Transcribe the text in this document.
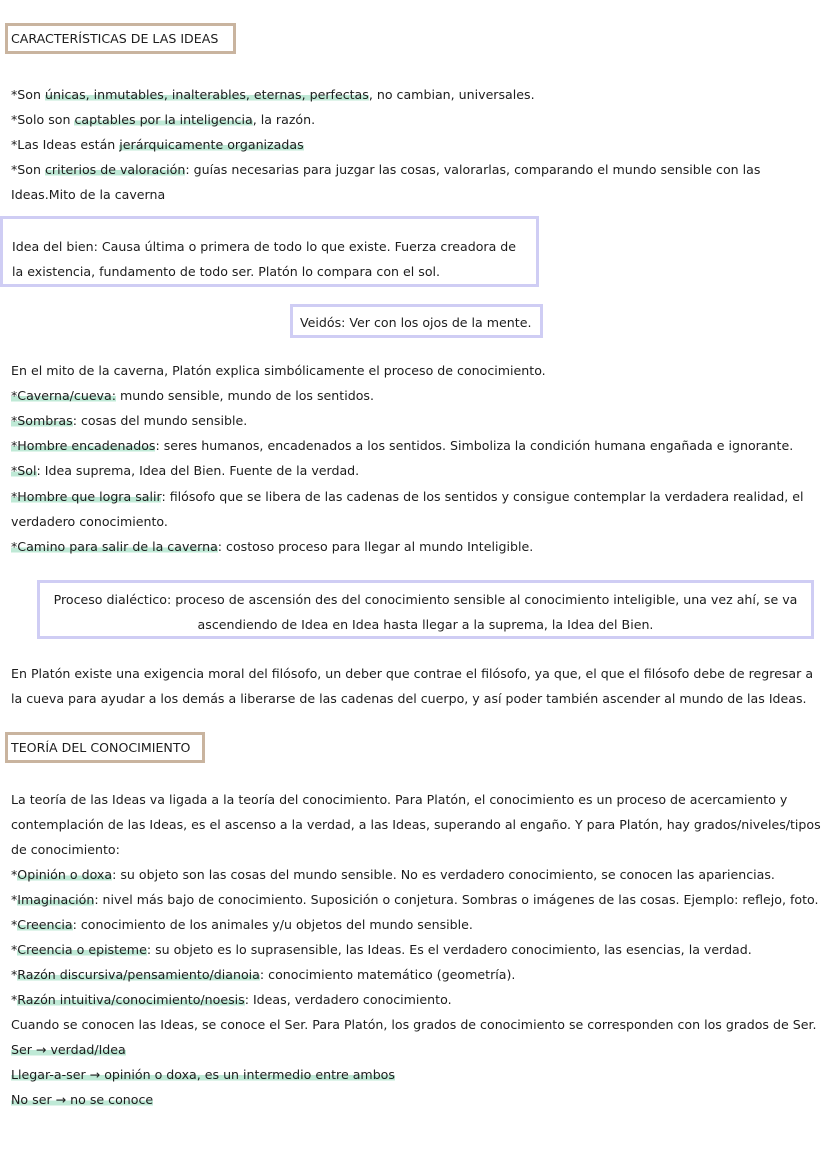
CARACTERÍSTICAS DE LAS IDEAS
*Son únicas, inmutables, inalterables, eternas, perfectas, no cambian, universales.
*Solo son captables por la inteligencia, la razón.
*Las Ideas están jerárquicamente organizadas
*Son criterios de valoración: guías necesarias para juzgar las cosas, valorarlas, comparando el mundo sensible con las
Ideas.Mito de la caverna
Idea del bien: Causa última o primera de todo lo que existe. Fuerza creadora de
la existencia, fundamento de todo ser. Platón lo compara con el sol.
Veidós: Ver con los ojos de la mente.
En el mito de la caverna, Platón explica simbólicamente el proceso de conocimiento.
*Caverna/cueva: mundo sensible, mundo de los sentidos.
*Sombras: cosas del mundo sensible.
*Hombre encadenados: seres humanos, encadenados a los sentidos. Simboliza la condición humana engañada e ignorante.
*Sol: Idea suprema, Idea del Bien. Fuente de la verdad.
*Hombre que logra salir: filósofo que se libera de las cadenas de los sentidos y consigue contemplar la verdadera realidad, el
verdadero conocimiento.
*Camino para salir de la caverna: costoso proceso para llegar al mundo Inteligible.
Proceso dialéctico: proceso de ascensión des del conocimiento sensible al conocimiento inteligible, una vez ahí, se va
ascendiendo de Idea en Idea hasta llegar a la suprema, la Idea del Bien.
En Platón existe una exigencia moral del filósofo, un deber que contrae el filósofo, ya que, el que el filósofo debe de regresar a
la cueva para ayudar a los demás a liberarse de las cadenas del cuerpo, y así poder también ascender al mundo de las Ideas.
TEORÍA DEL CONOCIMIENTO
La teoría de las Ideas va ligada a la teoría del conocimiento. Para Platón, el conocimiento es un proceso de acercamiento y
contemplación de las Ideas, es el ascenso a la verdad, a las Ideas, superando al engaño. Y para Platón, hay grados/niveles/tipos
de conocimiento:
*Opinión o doxa: su objeto son las cosas del mundo sensible. No es verdadero conocimiento, se conocen las apariencias.
*Imaginación: nivel más bajo de conocimiento. Suposición o conjetura. Sombras o imágenes de las cosas. Ejemplo: reflejo, foto.
*Creencia: conocimiento de los animales y/u objetos del mundo sensible.
*Creencia o episteme: su objeto es lo suprasensible, las Ideas. Es el verdadero conocimiento, las esencias, la verdad.
*Razón discursiva/pensamiento/dianoia: conocimiento matemático (geometría).
*Razón intuitiva/conocimiento/noesis: Ideas, verdadero conocimiento.
Cuando se conocen las Ideas, se conoce el Ser. Para Platón, los grados de conocimiento se corresponden con los grados de Ser.
Ser → verdad/Idea
Llegar-a-ser → opinión o doxa, es un intermedio entre ambos
No ser → no se conoce
